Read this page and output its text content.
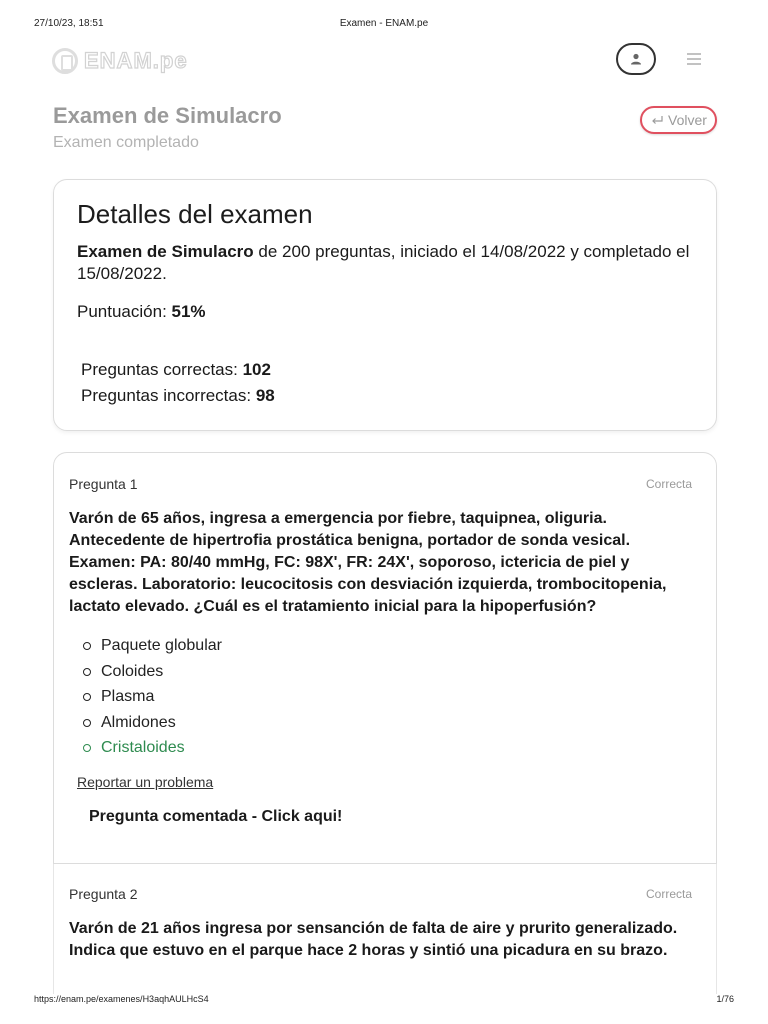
27/10/23, 18:51	Examen - ENAM.pe
ENAM.pe
Examen de Simulacro
Examen completado
Volver
Detalles del examen
Examen de Simulacro de 200 preguntas, iniciado el 14/08/2022 y completado el 15/08/2022.
Puntuación: 51%
Preguntas correctas: 102
Preguntas incorrectas: 98
Pregunta 1	Correcta
Varón de 65 años, ingresa a emergencia por fiebre, taquipnea, oliguria. Antecedente de hipertrofia prostática benigna, portador de sonda vesical. Examen: PA: 80/40 mmHg, FC: 98X', FR: 24X', soporoso, ictericia de piel y escleras. Laboratorio: leucocitosis con desviación izquierda, trombocitopenia, lactato elevado. ¿Cuál es el tratamiento inicial para la hipoperfusión?
Paquete globular
Coloides
Plasma
Almidones
Cristaloides
Reportar un problema
Pregunta comentada - Click aqui!
Pregunta 2	Correcta
Varón de 21 años ingresa por sensanción de falta de aire y prurito generalizado. Indica que estuvo en el parque hace 2 horas y sintió una picadura en su brazo.
https://enam.pe/examenes/H3aqhAULHcS4	1/76
